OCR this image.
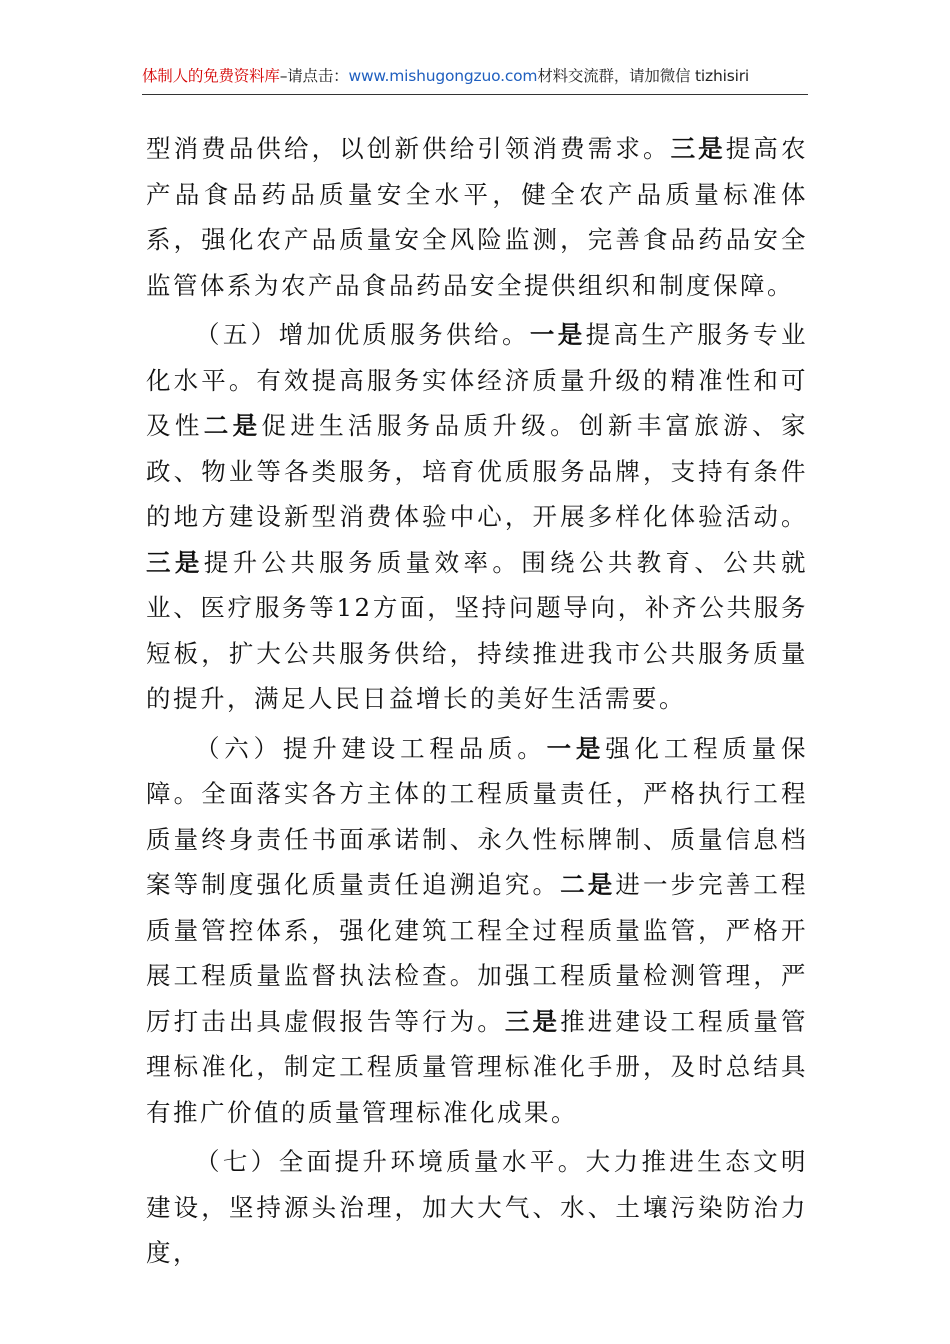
体制人的免费资料库–请点击：www.mishugongzuo.com材料交流群，请加微信 tizhisiri

型消费品供给，以创新供给引领消费需求。三是提高农产品食品药品质量安全水平，健全农产品质量标准体系，强化农产品质量安全风险监测，完善食品药品安全监管体系为农产品食品药品安全提供组织和制度保障。

（五）增加优质服务供给。一是提高生产服务专业化水平。有效提高服务实体经济质量升级的精准性和可及性二是促进生活服务品质升级。创新丰富旅游、家政、物业等各类服务，培育优质服务品牌，支持有条件的地方建设新型消费体验中心，开展多样化体验活动。三是提升公共服务质量效率。围绕公共教育、公共就业、医疗服务等12方面，坚持问题导向，补齐公共服务短板，扩大公共服务供给，持续推进我市公共服务质量的提升，满足人民日益增长的美好生活需要。

（六）提升建设工程品质。一是强化工程质量保障。全面落实各方主体的工程质量责任，严格执行工程质量终身责任书面承诺制、永久性标牌制、质量信息档案等制度强化质量责任追溯追究。二是进一步完善工程质量管控体系，强化建筑工程全过程质量监管，严格开展工程质量监督执法检查。加强工程质量检测管理，严厉打击出具虚假报告等行为。三是推进建设工程质量管理标准化，制定工程质量管理标准化手册，及时总结具有推广价值的质量管理标准化成果。

（七）全面提升环境质量水平。大力推进生态文明建设，坚持源头治理，加大大气、水、土壤污染防治力度，
